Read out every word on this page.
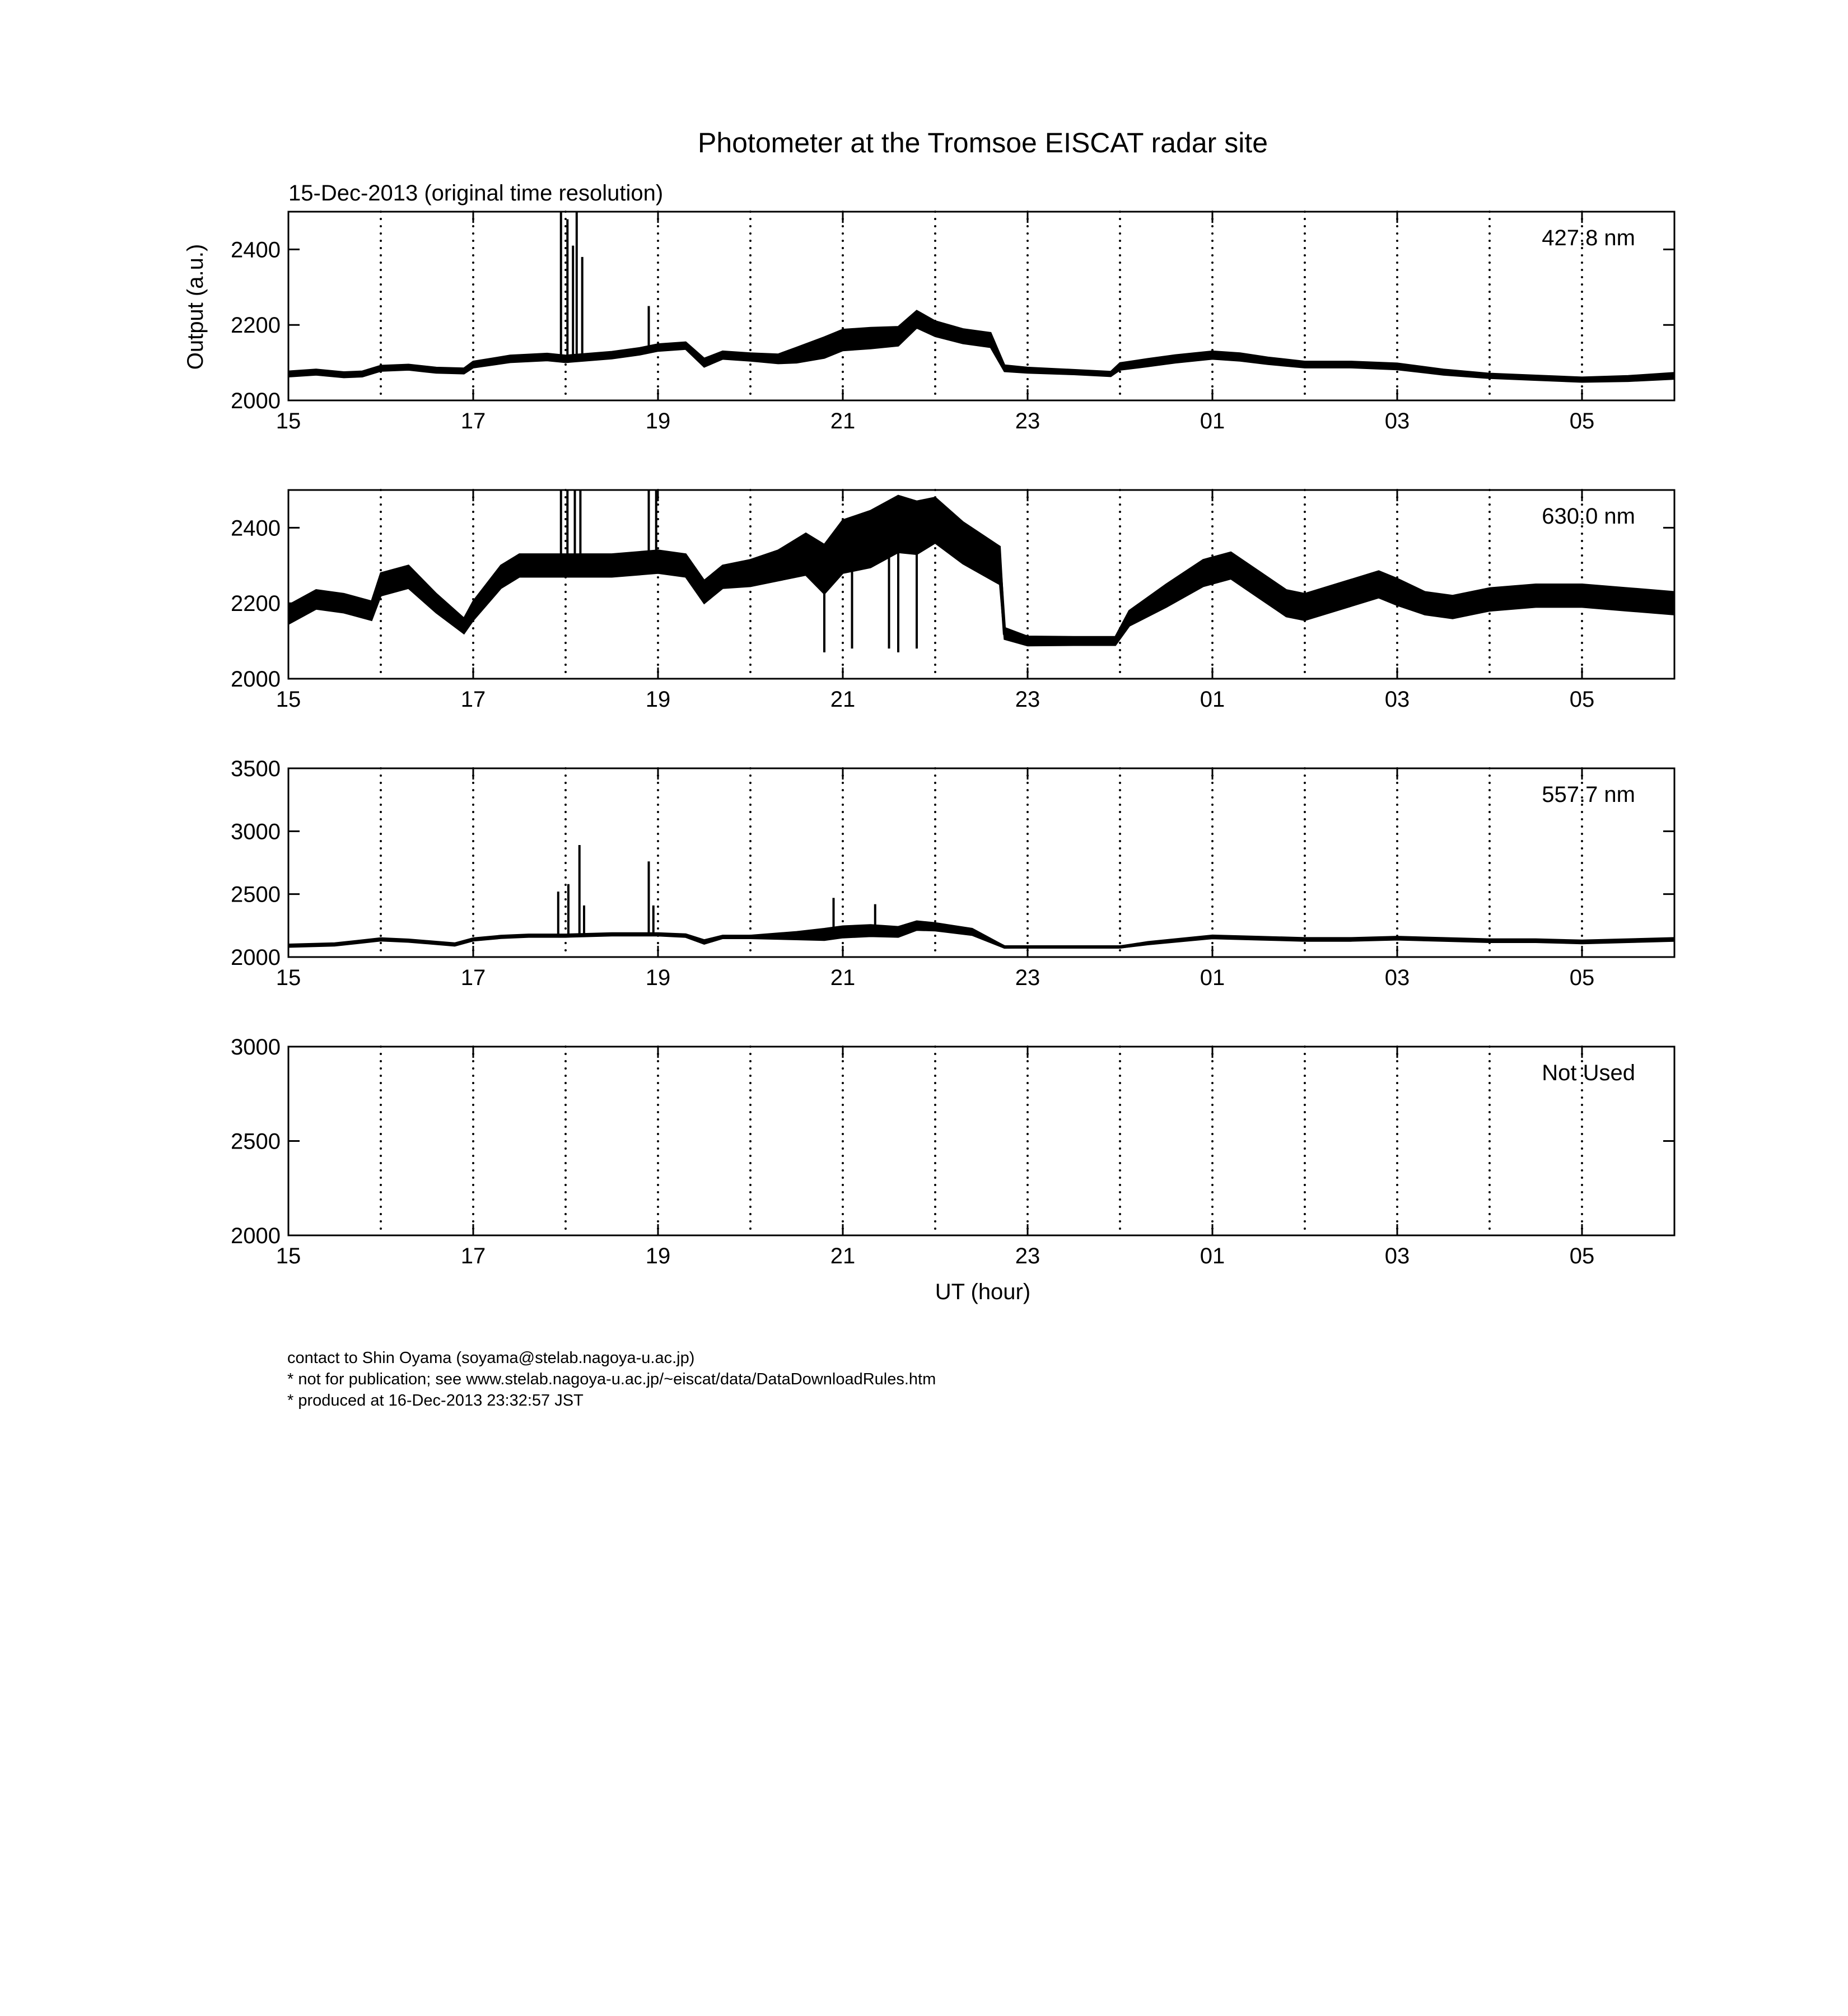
Photometer at the Tromsoe EISCAT radar site
15-Dec-2013 (original time resolution)
Output (a.u.)
UT (hour)
2000
2200
2400
15	17	19	21	23	01	03	05
427.8 nm
2000
2200
2400
15	17	19	21	23	01	03	05
630.0 nm
2000
2500
3000
3500
15	17	19	21	23	01	03	05
557.7 nm
2000
2500
3000
15	17	19	21	23	01	03	05
Not Used
contact to Shin Oyama (soyama@stelab.nagoya-u.ac.jp)
* not for publication; see www.stelab.nagoya-u.ac.jp/~eiscat/data/DataDownloadRules.htm
* produced at 16-Dec-2013 23:32:57 JST
